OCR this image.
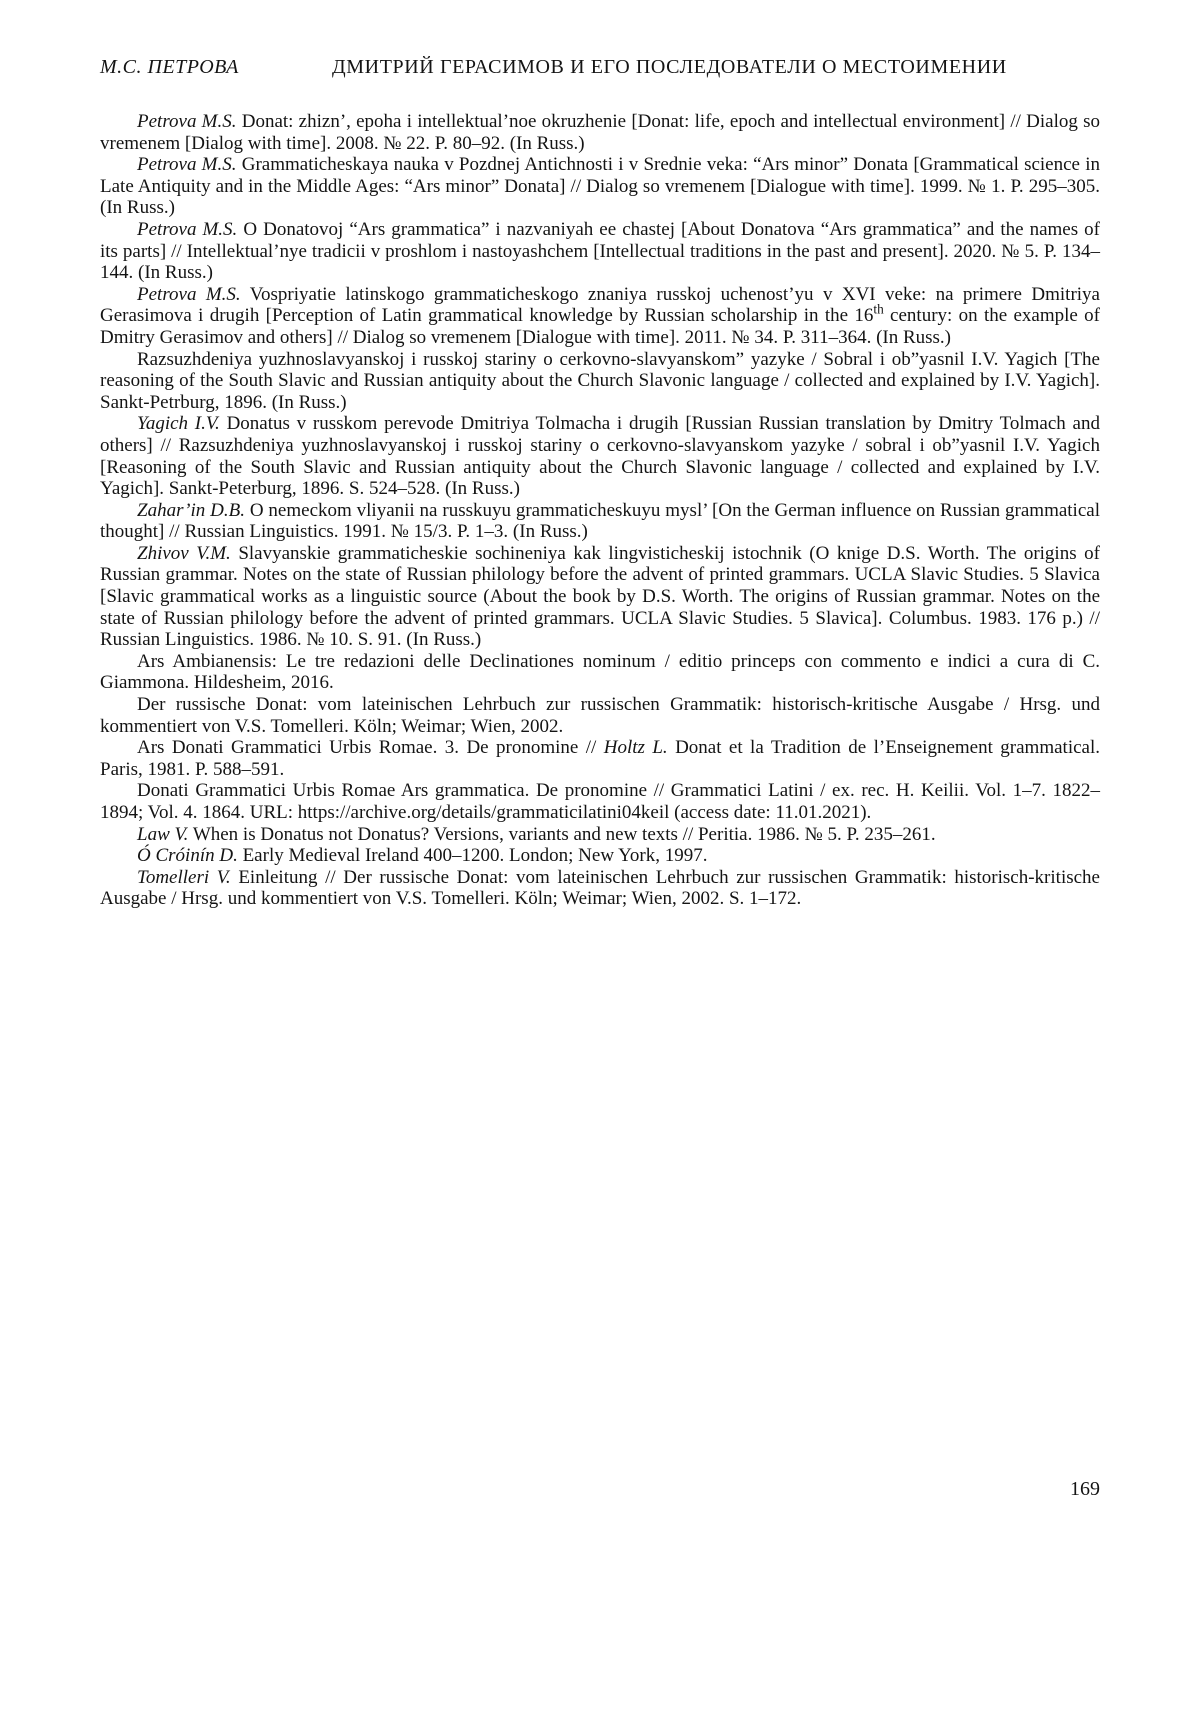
М.С. ПЕТРОВА	ДМИТРИЙ ГЕРАСИМОВ И ЕГО ПОСЛЕДОВАТЕЛИ О МЕСТОИМЕНИИ

Petrova M.S. Donat: zhizn’, epoha i intellektual’noe okruzhenie [Donat: life, epoch and intellectual environment] // Dialog so vremenem [Dialog with time]. 2008. № 22. P. 80–92. (In Russ.)

Petrova M.S. Grammaticheskaya nauka v Pozdnej Antichnosti i v Srednie veka: “Ars minor” Donata [Grammatical science in Late Antiquity and in the Middle Ages: “Ars minor” Donata] // Dialog so vremenem [Dialogue with time]. 1999. № 1. P. 295–305. (In Russ.)

Petrova M.S. O Donatovoj “Ars grammatica” i nazvaniyah ee chastej [About Donatova “Ars grammatica” and the names of its parts] // Intellektual’nye tradicii v proshlom i nastoyashchem [Intellectual traditions in the past and present]. 2020. № 5. P. 134–144. (In Russ.)

Petrova M.S. Vospriyatie latinskogo grammaticheskogo znaniya russkoj uchenost’yu v XVI veke: na primere Dmitriya Gerasimova i drugih [Perception of Latin grammatical knowledge by Russian scholarship in the 16th century: on the example of Dmitry Gerasimov and others] // Dialog so vremenem [Dialogue with time]. 2011. № 34. P. 311–364. (In Russ.)

Razsuzhdeniya yuzhnoslavyanskoj i russkoj stariny o cerkovno-slavyanskom” yazyke / Sobral i ob”yasnil I.V. Yagich [The reasoning of the South Slavic and Russian antiquity about the Church Slavonic language / collected and explained by I.V. Yagich]. Sankt-Petrburg, 1896. (In Russ.)

Yagich I.V. Donatus v russkom perevode Dmitriya Tolmacha i drugih [Russian Russian translation by Dmitry Tolmach and others] // Razsuzhdeniya yuzhnoslavyanskoj i russkoj stariny o cerkovno-slavyanskom yazyke / sobral i ob”yasnil I.V. Yagich [Reasoning of the South Slavic and Russian antiquity about the Church Slavonic language / collected and explained by I.V. Yagich]. Sankt-Peterburg, 1896. S. 524–528. (In Russ.)

Zahar’in D.B. O nemeckom vliyanii na russkuyu grammaticheskuyu mysl’ [On the German influence on Russian grammatical thought] // Russian Linguistics. 1991. № 15/3. P. 1–3. (In Russ.)

Zhivov V.M. Slavyanskie grammaticheskie sochineniya kak lingvisticheskij istochnik (O knige D.S. Worth. The origins of Russian grammar. Notes on the state of Russian philology before the advent of printed grammars. UCLA Slavic Studies. 5 Slavica [Slavic grammatical works as a linguistic source (About the book by D.S. Worth. The origins of Russian grammar. Notes on the state of Russian philology before the advent of printed grammars. UCLA Slavic Studies. 5 Slavica]. Columbus. 1983. 176 p.) // Russian Linguistics. 1986. № 10. S. 91. (In Russ.)

Ars Ambianensis: Le tre redazioni delle Declinationes nominum / editio princeps con commento e indici a cura di C. Giammona. Hildesheim, 2016.

Der russische Donat: vom lateinischen Lehrbuch zur russischen Grammatik: historisch-kritische Ausgabe / Hrsg. und kommentiert von V.S. Tomelleri. Köln; Weimar; Wien, 2002.

Ars Donati Grammatici Urbis Romae. 3. De pronomine // Holtz L. Donat et la Tradition de l’Enseignement grammatical. Paris, 1981. P. 588–591.

Donati Grammatici Urbis Romae Ars grammatica. De pronomine // Grammatici Latini / ex. rec. H. Keilii. Vol. 1–7. 1822–1894; Vol. 4. 1864. URL: https://archive.org/details/grammaticilatini04keil (access date: 11.01.2021).

Law V. When is Donatus not Donatus? Versions, variants and new texts // Peritia. 1986. № 5. P. 235–261.

Ó Cróinín D. Early Medieval Ireland 400–1200. London; New York, 1997.

Tomelleri V. Einleitung // Der russische Donat: vom lateinischen Lehrbuch zur russischen Grammatik: historisch-kritische Ausgabe / Hrsg. und kommentiert von V.S. Tomelleri. Köln; Weimar; Wien, 2002. S. 1–172.

169
